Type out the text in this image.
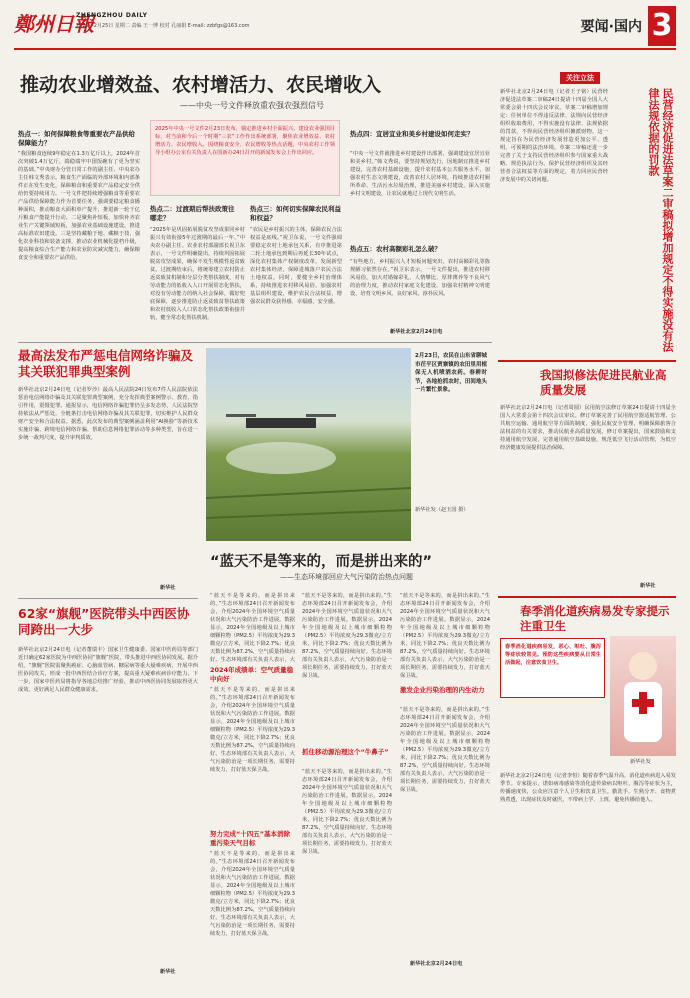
鄭州日報
ZHENGZHOU DAILY
2025年2月25日 星期二 责编 王一博 校对 孔丽娟 E-mail: zzbfgs@163.com	要闻·国内 3
推动农业增效益、农村增活力、农民增收入
——中央一号文件释放重农强农强烈信号
2025年中央一号文件2月23日发布，锚定推进乡村全面振兴、建设农业强国目标，对当前和今后一个时期“三农”工作作出系统部署，聚焦农业增效益、农村增活力、农民增收入。围绕粮食安全、农民增收等热点话题，中央农村工作领导小组办公室有关负责人在国新办24日召开的新闻发布会上作出回应。
热点一：如何保障粮食等重要农产品供给保障能力？
“我国粮食连续9年稳定在1.3万亿斤以上，2024年首次突破1.4万亿斤，端稳端牢中国饭碗有了更为坚实的基础。”中央财办分管日常工作的副主任、中央农办主任韩文秀表示。粮食生产面临的外部环境和内部条件正在发生变化，保障粮食和重要农产品稳定安全供给仍要持续用力。一号文件把持续增强粮食等重要农产品供给保障能力作为首要任务，强调要稳定粮食播种面积，推动粮食大面积单产提升，推进新一轮千亿斤粮食产能提升行动。二是聚焦补短板，加快补齐农业生产关键领域短板，加强农业基础设施建设，推进高标准农田建设。三是坚持藏粮于地、藏粮于技，强化农业科技和装备支撑，推动农业机械化提档升级，提高粮食综合生产能力和农业防灾减灾能力，确保粮食安全和重要农产品供给。
热点二：过渡期后帮扶政策往哪走？
“2025年是巩固拓展脱贫攻坚成果同乡村振兴有效衔接5年过渡期的最后一年。”中央农办副主任、农业农村部副部长祝卫东表示，一号文件明确提出，持续巩固拓展脱贫攻坚成果，确保不发生规模性返贫致贫。过渡期结束后，将统筹建立农村防止返贫致贫机制和分层分类帮扶制度，对有劳动能力的低收入人口开展常态化帮扶，对没有劳动能力的纳入社会保障，做好兜底保障，逐步推进防止返贫致贫帮扶政策和农村低收入人口常态化帮扶政策衔接并轨，健全常态化帮扶机制。
热点三：如何切实保障农民利益和权益？
“农民是乡村振兴的主体，保障农民合法权益是底线。”祝卫东说，一号文件强调要稳定农村土地承包关系，有序推进第二轮土地承包到期后再延长30年试点，深化农村集体产权制度改革，发展新型农村集体经济，保障进城落户农民合法土地权益。同时，要健全乡村治理体系，持续推进农村移风易俗，加强农村基层组织建设，维护农民合法权益，增强农民群众获得感、幸福感、安全感。
热点四：宜居宜业和美乡村建设如何走实？
“中央一号文件就推进乡村建设作出部署，强调建设宜居宜业和美乡村。”韩文秀说，要坚持规划先行，因地制宜推进乡村建设，完善农村基础设施，提升农村基本公共服务水平，加强农村生态文明建设，改善农村人居环境，持续推进农村厕所革命、生活污水垃圾治理，推进美丽乡村建设，深入实施乡村文明建设，让农民就地过上现代文明生活。
热点五：农村高额彩礼怎么破？
“有些地方，乡村振兴人才短板问题突出，农村高额彩礼等陈规陋习依然存在。”祝卫东表示，一号文件提出，推进农村移风易俗，加大对婚嫁彩礼、人情攀比、厚葬薄养等不良风气的治理力度，推动农村家庭文化建设，加强农村精神文明建设，培育文明乡风、良好家风、淳朴民风。
新华社北京2月24日电
最高法发布严惩电信网络诈骗及其关联犯罪典型案例
新华社北京2月24日电（记者罗沙）最高人民法院24日发布7件人民法院依法惩治电信网络诈骗及其关联犯罪典型案例，充分发挥典型案例警示、教育、指引作用，震慑犯罪。通报显示，电信网络诈骗犯罪仍呈多发态势，人民法院坚持依法从严惩处，全链条打击电信网络诈骗及其关联犯罪，切实维护人民群众财产安全和合法权益。据悉，此次发布的典型案例涵盖利用“AI换脸”等新技术实施诈骗、跨境电信网络诈骗、帮助信息网络犯罪活动等多种类型，旨在进一步统一裁判尺度，提升审判质效。
新华社
2月23日，农民在山东省聊城市茌平区贾寨镇的农田里用植保无人机喷洒农药。春耕时节，各地抢抓农时，田间地头一片繁忙景象。
新华社发（赵玉国 摄）
“蓝天不是等来的，而是拼出来的”
——生态环境部回应大气污染防治热点问题
“蓝天不是等来的，而是拼出来的。”生态环境部24日召开新闻发布会，介绍2024年全国环境空气质量状况和大气污染防治工作进展。数据显示，2024年全国地级及以上城市细颗粒物（PM2.5）平均浓度为29.3微克/立方米，同比下降2.7%；优良天数比例为87.2%，空气质量持续向好。生态环境部有关负责人表示，大
2024年成绩单：空气质量稳中向好
“蓝天不是等来的，而是拼出来的。”生态环境部24日召开新闻发布会，介绍2024年全国环境空气质量状况和大气污染防治工作进展。数据显示，2024年全国地级及以上城市细颗粒物（PM2.5）平均浓度为29.3微克/立方米，同比下降2.7%；优良天数比例为87.2%，空气质量持续向好。生态环境部有关负责人表示，大气污染防治是一项长期任务，需要持续发力，打好蓝天保卫战。
努力完成“十四五”基本消除重污染天气目标
“蓝天不是等来的，而是拼出来的。”生态环境部24日召开新闻发布会，介绍2024年全国环境空气质量状况和大气污染防治工作进展。数据显示，2024年全国地级及以上城市细颗粒物（PM2.5）平均浓度为29.3微克/立方米，同比下降2.7%；优良天数比例为87.2%，空气质量持续向好。生态环境部有关负责人表示，大气污染防治是一项长期任务，需要持续发力，打好蓝天保卫战。
“蓝天不是等来的，而是拼出来的。”生态环境部24日召开新闻发布会，介绍2024年全国环境空气质量状况和大气污染防治工作进展。数据显示，2024年全国地级及以上城市细颗粒物（PM2.5）平均浓度为29.3微克/立方米，同比下降2.7%；优良天数比例为87.2%，空气质量持续向好。生态环境部有关负责人表示，大气污染防治是一项长期任务，需要持续发力，打好蓝天保卫战。
抓住移动源治理这个“牛鼻子”
“蓝天不是等来的，而是拼出来的。”生态环境部24日召开新闻发布会，介绍2024年全国环境空气质量状况和大气污染防治工作进展。数据显示，2024年全国地级及以上城市细颗粒物（PM2.5）平均浓度为29.3微克/立方米，同比下降2.7%；优良天数比例为87.2%，空气质量持续向好。生态环境部有关负责人表示，大气污染防治是一项长期任务，需要持续发力，打好蓝天保卫战。
“蓝天不是等来的，而是拼出来的。”生态环境部24日召开新闻发布会，介绍2024年全国环境空气质量状况和大气污染防治工作进展。数据显示，2024年全国地级及以上城市细颗粒物（PM2.5）平均浓度为29.3微克/立方米，同比下降2.7%；优良天数比例为87.2%，空气质量持续向好。生态环境部有关负责人表示，大气污染防治是一项长期任务，需要持续发力，打好蓝天保卫战。
激发企业污染治理的内生动力
“蓝天不是等来的，而是拼出来的。”生态环境部24日召开新闻发布会，介绍2024年全国环境空气质量状况和大气污染防治工作进展。数据显示，2024年全国地级及以上城市细颗粒物（PM2.5）平均浓度为29.3微克/立方米，同比下降2.7%；优良天数比例为87.2%，空气质量持续向好。生态环境部有关负责人表示，大气污染防治是一项长期任务，需要持续发力，打好蓝天保卫战。
新华社北京2月24日电
62家“旗舰”医院带头中西医协同跨出一大步
新华社北京2月24日电（记者董瑞丰）国家卫生健康委、国家中医药局等部门近日确定62家医院为中西医协同“旗舰”医院，带头推进中西医协同发展。据介绍，“旗舰”医院需聚焦癌症、心脑血管病、糖尿病等重大疑难疾病，开展中西医协同攻关，形成一批中西医结合诊疗方案，提高重大疑难疾病诊疗能力。下一步，国家中医药局将指导各地总结推广经验，推动中西医协同发展取得更大成效，更好满足人民群众健康需求。
新华社
关注立法
新华社北京2月24日电（记者王子铭）民营经济促进法草案二审稿24日提请十四届全国人大常委会第十四次会议审议。草案二审稿增加规定：任何单位不得违反法律、法规向民营经济组织收取费用，不得实施没有法律、法规依据的罚款，不得向民营经济组织摊派财物。这一规定旨在为民营经济发展营造更加公平、透明、可预期的法治环境。草案二审稿还进一步完善了关于支持民营经济组织参与国家重大战略、规范执法行为、保护民营经济组织及其经营者合法权益等方面的规定，着力回应民营经济发展中的关切问题。	民营经济促进法草案二审稿拟增加规定不得实施没有法律法规依据的罚款
我国拟修法促进民航业高质量发展
新华社北京2月24日电（记者周圆）民用航空法修订草案24日提请十四届全国人大常委会第十四次会议审议。修订草案完善了民用航空器适航管理、公共航空运输、通用航空等方面的制度，强化民航安全管理，明确保障旅客合法权益的有关要求，推动民航业高质量发展。修订草案提出，国家鼓励和支持通用航空发展，完善通用航空基础设施，规范低空飞行活动管理，为低空经济健康发展提供法治保障。
新华社
春季消化道疾病易发专家提示注重卫生
春季消化道疾病易发，恶心、呕吐、腹泻等症状较常见。预防这些疾病要从日常生活做起，注意饮食卫生。
新华社发
新华社北京2月24日电（记者李恒）随着春季气温升高，消化道疾病进入易发季节。专家提示，诺如病毒感染等消化道传染病以呕吐、腹泻等症状为主，传播速度快，公众应注意个人卫生和饮食卫生。勤洗手、生熟分开、食物煮熟煮透，出现症状及时就医，不带病上学、上班，避免传播给他人。
